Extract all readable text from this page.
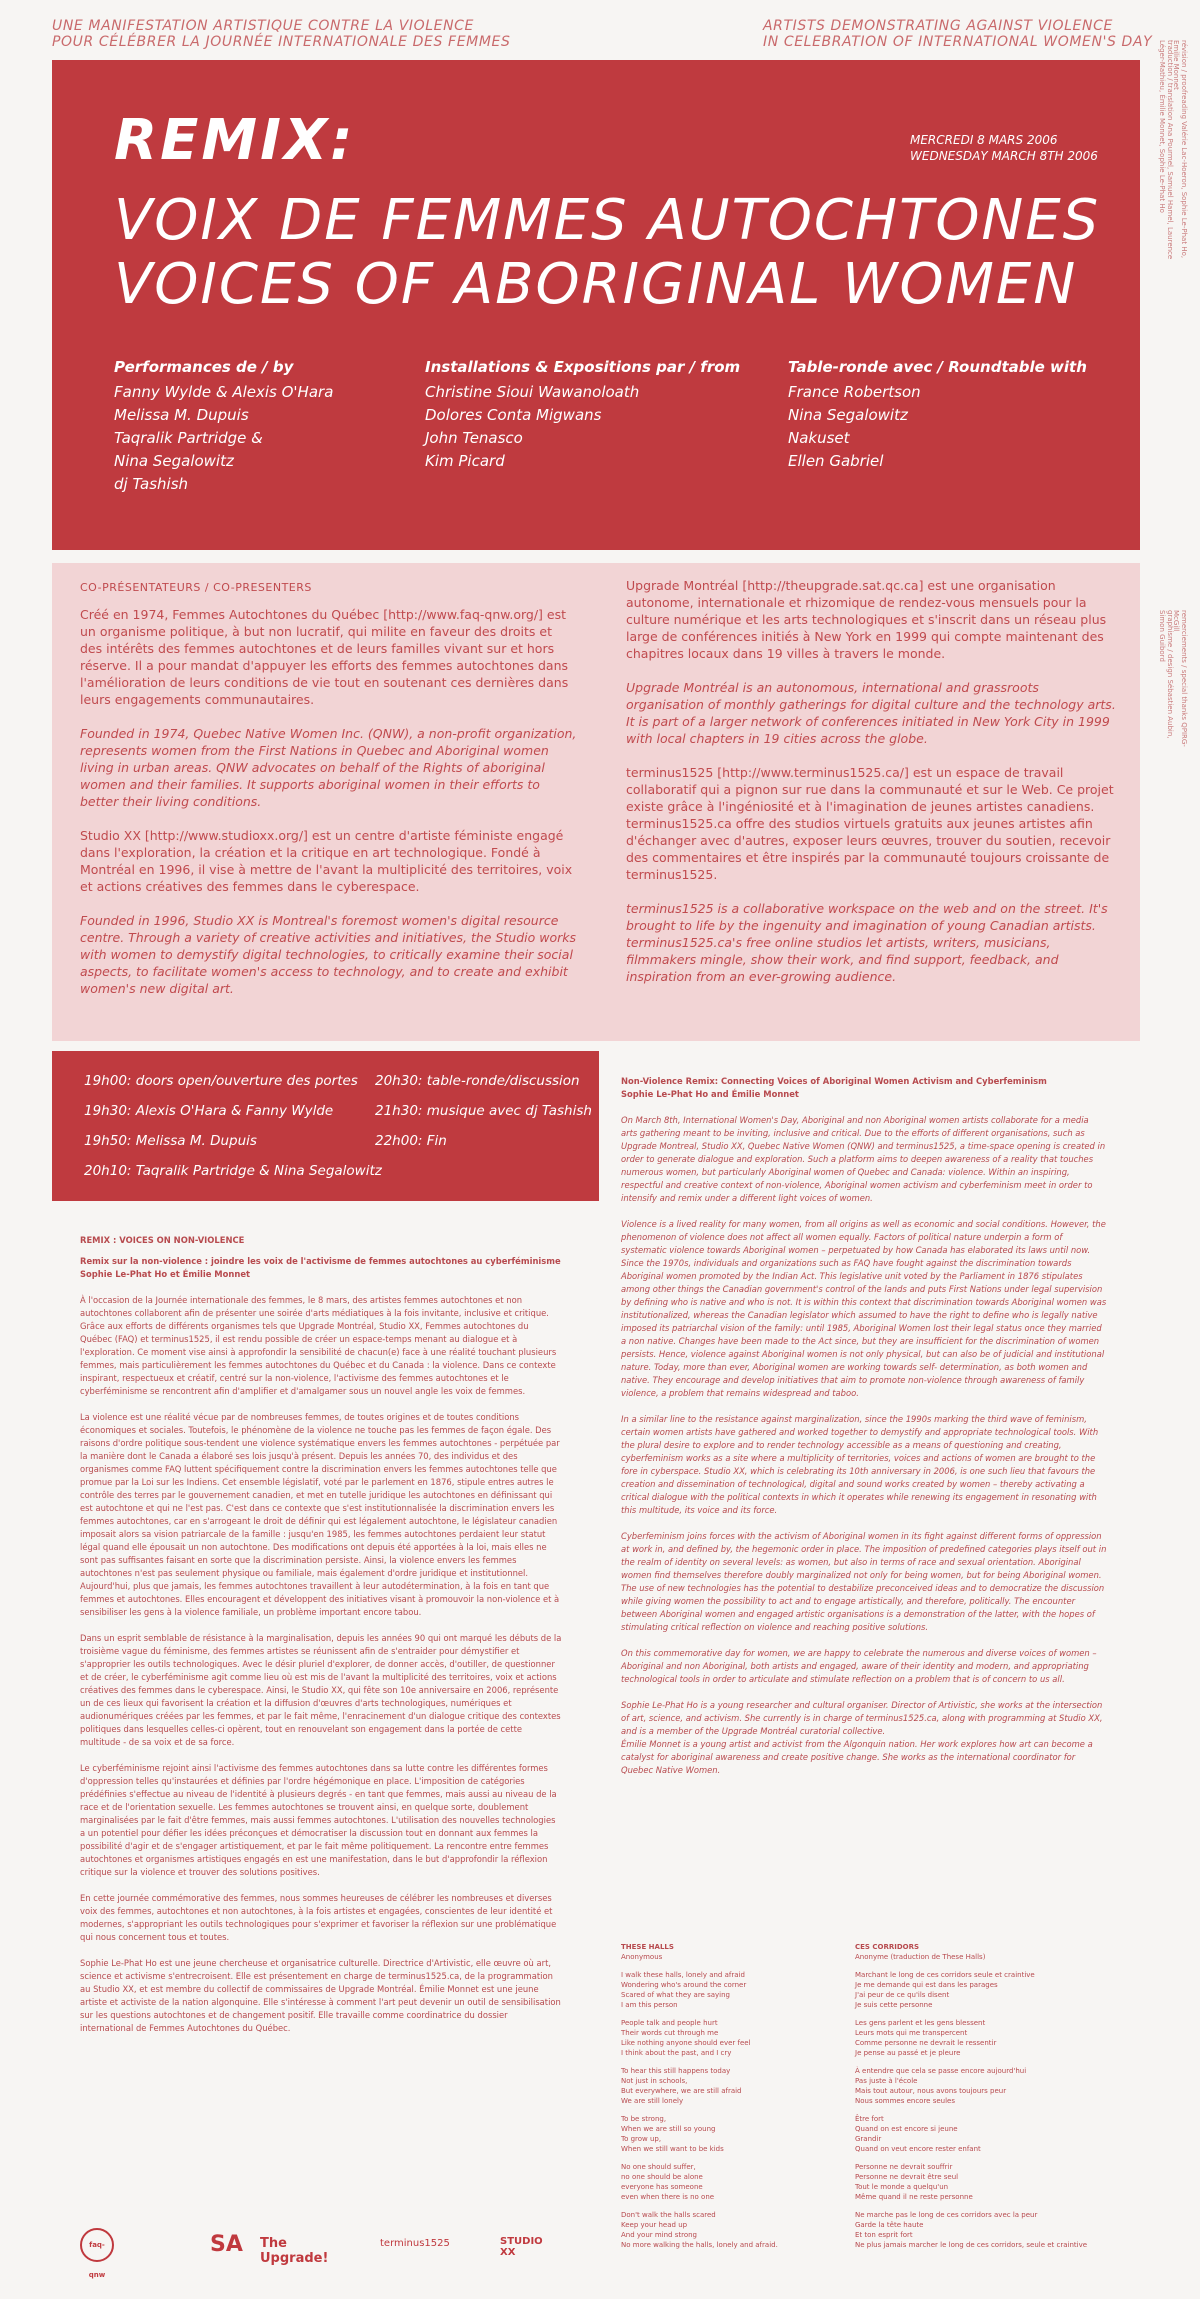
UNE MANIFESTATION ARTISTIQUE CONTRE LA VIOLENCE
POUR CÉLÉBRER LA JOURNÉE INTERNATIONALE DES FEMMES
ARTISTS DEMONSTRATING AGAINST VIOLENCE
IN CELEBRATION OF INTERNATIONAL WOMEN'S DAY
REMIX:	MERCREDI 8 MARS 2006
WEDNESDAY MARCH 8TH 2006
VOIX DE FEMMES AUTOCHTONES
VOICES OF ABORIGINAL WOMEN
Performances de / by
Fanny Wylde & Alexis O'Hara
Melissa M. Dupuis
Taqralik Partridge &
Nina Segalowitz
dj Tashish
Installations & Expositions par / from
Christine Sioui Wawanoloath
Dolores Conta Migwans
John Tenasco
Kim Picard
Table-ronde avec / Roundtable with
France Robertson
Nina Segalowitz
Nakuset
Ellen Gabriel
traduction / translation Ana Pourmel, Samuel Hamel, Laurence Léger-Mathieu, Émilie Monnet, Sophie Le-Phat Ho	révision / proofreading Valérie Lac-Hoeron, Sophie Le-Phat Ho, Emilie Monnet
graphisme / design Sébastien Aubin, Simon Guibord	remerciements / special thanks QPIRG-McGill
CO-PRÉSENTATEURS / CO-PRESENTERS

Créé en 1974, Femmes Autochtones du Québec [http://www.faq-qnw.org/] est un organisme politique, à but non lucratif, qui milite en faveur des droits et des intérêts des femmes autochtones et de leurs familles vivant sur et hors réserve. Il a pour mandat d'appuyer les efforts des femmes autochtones dans l'amélioration de leurs conditions de vie tout en soutenant ces dernières dans leurs engagements communautaires.

Founded in 1974, Quebec Native Women Inc. (QNW), a non-profit organization, represents women from the First Nations in Quebec and Aboriginal women living in urban areas. QNW advocates on behalf of the Rights of aboriginal women and their families. It supports aboriginal women in their efforts to better their living conditions.

Studio XX [http://www.studioxx.org/] est un centre d'artiste féministe engagé dans l'exploration, la création et la critique en art technologique. Fondé à Montréal en 1996, il vise à mettre de l'avant la multiplicité des territoires, voix et actions créatives des femmes dans le cyberespace.

Founded in 1996, Studio XX is Montreal's foremost women's digital resource centre. Through a variety of creative activities and initiatives, the Studio works with women to demystify digital technologies, to critically examine their social aspects, to facilitate women's access to technology, and to create and exhibit women's new digital art.

Upgrade Montréal [http://theupgrade.sat.qc.ca] est une organisation autonome, internationale et rhizomique de rendez-vous mensuels pour la culture numérique et les arts technologiques et s'inscrit dans un réseau plus large de conférences initiés à New York en 1999 qui compte maintenant des chapitres locaux dans 19 villes à travers le monde.

Upgrade Montréal is an autonomous, international and grassroots organisation of monthly gatherings for digital culture and the technology arts. It is part of a larger network of conferences initiated in New York City in 1999 with local chapters in 19 cities across the globe.

terminus1525 [http://www.terminus1525.ca/] est un espace de travail collaboratif qui a pignon sur rue dans la communauté et sur le Web. Ce projet existe grâce à l'ingéniosité et à l'imagination de jeunes artistes canadiens. terminus1525.ca offre des studios virtuels gratuits aux jeunes artistes afin d'échanger avec d'autres, exposer leurs œuvres, trouver du soutien, recevoir des commentaires et être inspirés par la communauté toujours croissante de terminus1525.

terminus1525 is a collaborative workspace on the web and on the street. It's brought to life by the ingenuity and imagination of young Canadian artists. terminus1525.ca's free online studios let artists, writers, musicians, filmmakers mingle, show their work, and find support, feedback, and inspiration from an ever-growing audience.

19h00: doors open/ouverture des portes
19h30: Alexis O'Hara & Fanny Wylde
19h50: Melissa M. Dupuis
20h10: Taqralik Partridge & Nina Segalowitz
20h30: table-ronde/discussion
21h30: musique avec dj Tashish
22h00: Fin

REMIX : VOICES ON NON-VIOLENCE

Remix sur la non-violence : joindre les voix de l'activisme de femmes autochtones au cyberféminisme

Sophie Le-Phat Ho et Émilie Monnet

À l'occasion de la Journée internationale des femmes, le 8 mars, des artistes femmes autochtones et non autochtones collaborent afin de présenter une soirée d'arts médiatiques à la fois invitante, inclusive et critique. Grâce aux efforts de différents organismes tels que Upgrade Montréal, Studio XX, Femmes autochtones du Québec (FAQ) et terminus1525, il est rendu possible de créer un espace-temps menant au dialogue et à l'exploration. Ce moment vise ainsi à approfondir la sensibilité de chacun(e) face à une réalité touchant plusieurs femmes, mais particulièrement les femmes autochtones du Québec et du Canada : la violence. Dans ce contexte inspirant, respectueux et créatif, centré sur la non-violence, l'activisme des femmes autochtones et le cyberféminisme se rencontrent afin d'amplifier et d'amalgamer sous un nouvel angle les voix de femmes.

La violence est une réalité vécue par de nombreuses femmes, de toutes origines et de toutes conditions économiques et sociales. Toutefois, le phénomène de la violence ne touche pas les femmes de façon égale. Des raisons d'ordre politique sous-tendent une violence systématique envers les femmes autochtones - perpétuée par la manière dont le Canada a élaboré ses lois jusqu'à présent. Depuis les années 70, des individus et des organismes comme FAQ luttent spécifiquement contre la discrimination envers les femmes autochtones telle que promue par la Loi sur les Indiens. Cet ensemble législatif, voté par le parlement en 1876, stipule entres autres le contrôle des terres par le gouvernement canadien, et met en tutelle juridique les autochtones en définissant qui est autochtone et qui ne l'est pas. C'est dans ce contexte que s'est institutionnalisée la discrimination envers les femmes autochtones, car en s'arrogeant le droit de définir qui est légalement autochtone, le législateur canadien imposait alors sa vision patriarcale de la famille : jusqu'en 1985, les femmes autochtones perdaient leur statut légal quand elle épousait un non autochtone. Des modifications ont depuis été apportées à la loi, mais elles ne sont pas suffisantes faisant en sorte que la discrimination persiste. Ainsi, la violence envers les femmes autochtones n'est pas seulement physique ou familiale, mais également d'ordre juridique et institutionnel. Aujourd'hui, plus que jamais, les femmes autochtones travaillent à leur autodétermination, à la fois en tant que femmes et autochtones. Elles encouragent et développent des initiatives visant à promouvoir la non-violence et à sensibiliser les gens à la violence familiale, un problème important encore tabou.

Dans un esprit semblable de résistance à la marginalisation, depuis les années 90 qui ont marqué les débuts de la troisième vague du féminisme, des femmes artistes se réunissent afin de s'entraider pour démystifier et s'approprier les outils technologiques. Avec le désir pluriel d'explorer, de donner accès, d'outiller, de questionner et de créer, le cyberféminisme agit comme lieu où est mis de l'avant la multiplicité des territoires, voix et actions créatives des femmes dans le cyberespace. Ainsi, le Studio XX, qui fête son 10e anniversaire en 2006, représente un de ces lieux qui favorisent la création et la diffusion d'œuvres d'arts technologiques, numériques et audionumériques créées par les femmes, et par le fait même, l'enracinement d'un dialogue critique des contextes politiques dans lesquelles celles-ci opèrent, tout en renouvelant son engagement dans la portée de cette multitude - de sa voix et de sa force.

Le cyberféminisme rejoint ainsi l'activisme des femmes autochtones dans sa lutte contre les différentes formes d'oppression telles qu'instaurées et définies par l'ordre hégémonique en place. L'imposition de catégories prédéfinies s'effectue au niveau de l'identité à plusieurs degrés - en tant que femmes, mais aussi au niveau de la race et de l'orientation sexuelle. Les femmes autochtones se trouvent ainsi, en quelque sorte, doublement marginalisées par le fait d'être femmes, mais aussi femmes autochtones. L'utilisation des nouvelles technologies a un potentiel pour défier les idées préconçues et démocratiser la discussion tout en donnant aux femmes la possibilité d'agir et de s'engager artistiquement, et par le fait même politiquement. La rencontre entre femmes autochtones et organismes artistiques engagés en est une manifestation, dans le but d'approfondir la réflexion critique sur la violence et trouver des solutions positives.

En cette journée commémorative des femmes, nous sommes heureuses de célébrer les nombreuses et diverses voix des femmes, autochtones et non autochtones, à la fois artistes et engagées, conscientes de leur identité et modernes, s'appropriant les outils technologiques pour s'exprimer et favoriser la réflexion sur une problématique qui nous concernent tous et toutes.

Sophie Le-Phat Ho est une jeune chercheuse et organisatrice culturelle. Directrice d'Artivistic, elle œuvre où art, science et activisme s'entrecroisent. Elle est présentement en charge de terminus1525.ca, de la programmation au Studio XX, et est membre du collectif de commissaires de Upgrade Montréal. Émilie Monnet est une jeune artiste et activiste de la nation algonquine. Elle s'intéresse à comment l'art peut devenir un outil de sensibilisation sur les questions autochtones et de changement positif. Elle travaille comme coordinatrice du dossier international de Femmes Autochtones du Québec.

Non-Violence Remix: Connecting Voices of Aboriginal Women Activism and Cyberfeminism

Sophie Le-Phat Ho and Émilie Monnet

On March 8th, International Women's Day, Aboriginal and non Aboriginal women artists collaborate for a media arts gathering meant to be inviting, inclusive and critical. Due to the efforts of different organisations, such as Upgrade Montreal, Studio XX, Quebec Native Women (QNW) and terminus1525, a time-space opening is created in order to generate dialogue and exploration. Such a platform aims to deepen awareness of a reality that touches numerous women, but particularly Aboriginal women of Quebec and Canada: violence. Within an inspiring, respectful and creative context of non-violence, Aboriginal women activism and cyberfeminism meet in order to intensify and remix under a different light voices of women.

Violence is a lived reality for many women, from all origins as well as economic and social conditions. However, the phenomenon of violence does not affect all women equally. Factors of political nature underpin a form of systematic violence towards Aboriginal women – perpetuated by how Canada has elaborated its laws until now. Since the 1970s, individuals and organizations such as FAQ have fought against the discrimination towards Aboriginal women promoted by the Indian Act. This legislative unit voted by the Parliament in 1876 stipulates among other things the Canadian government's control of the lands and puts First Nations under legal supervision by defining who is native and who is not. It is within this context that discrimination towards Aboriginal women was institutionalized, whereas the Canadian legislator which assumed to have the right to define who is legally native imposed its patriarchal vision of the family: until 1985, Aboriginal Women lost their legal status once they married a non native. Changes have been made to the Act since, but they are insufficient for the discrimination of women persists. Hence, violence against Aboriginal women is not only physical, but can also be of judicial and institutional nature. Today, more than ever, Aboriginal women are working towards self- determination, as both women and native. They encourage and develop initiatives that aim to promote non-violence through awareness of family violence, a problem that remains widespread and taboo.

In a similar line to the resistance against marginalization, since the 1990s marking the third wave of feminism, certain women artists have gathered and worked together to demystify and appropriate technological tools. With the plural desire to explore and to render technology accessible as a means of questioning and creating, cyberfeminism works as a site where a multiplicity of territories, voices and actions of women are brought to the fore in cyberspace. Studio XX, which is celebrating its 10th anniversary in 2006, is one such lieu that favours the creation and dissemination of technological, digital and sound works created by women – thereby activating a critical dialogue with the political contexts in which it operates while renewing its engagement in resonating with this multitude, its voice and its force.

Cyberfeminism joins forces with the activism of Aboriginal women in its fight against different forms of oppression at work in, and defined by, the hegemonic order in place. The imposition of predefined categories plays itself out in the realm of identity on several levels: as women, but also in terms of race and sexual orientation. Aboriginal women find themselves therefore doubly marginalized not only for being women, but for being Aboriginal women. The use of new technologies has the potential to destabilize preconceived ideas and to democratize the discussion while giving women the possibility to act and to engage artistically, and therefore, politically. The encounter between Aboriginal women and engaged artistic organisations is a demonstration of the latter, with the hopes of stimulating critical reflection on violence and reaching positive solutions.

On this commemorative day for women, we are happy to celebrate the numerous and diverse voices of women – Aboriginal and non Aboriginal, both artists and engaged, aware of their identity and modern, and appropriating technological tools in order to articulate and stimulate reflection on a problem that is of concern to us all.

Sophie Le-Phat Ho is a young researcher and cultural organiser. Director of Artivistic, she works at the intersection of art, science, and activism. She currently is in charge of terminus1525.ca, along with programming at Studio XX, and is a member of the Upgrade Montréal curatorial collective.

Émilie Monnet is a young artist and activist from the Algonquin nation. Her work explores how art can become a catalyst for aboriginal awareness and create positive change. She works as the international coordinator for Quebec Native Women.

THESE HALLS

Anonymous

I walk these halls, lonely and afraid
Wondering who's around the corner
Scared of what they are saying
I am this person

People talk and people hurt
Their words cut through me
Like nothing anyone should ever feel
I think about the past, and I cry

To hear this still happens today
Not just in schools,
But everywhere, we are still afraid
We are still lonely

To be strong,
When we are still so young
To grow up,
When we still want to be kids

No one should suffer,
no one should be alone
everyone has someone
even when there is no one

Don't walk the halls scared
Keep your head up
And your mind strong
No more walking the halls, lonely and afraid.

CES CORRIDORS

Anonyme (traduction de These Halls)

Marchant le long de ces corridors seule et craintive
Je me demande qui est dans les parages
J'ai peur de ce qu'ils disent
Je suis cette personne

Les gens parlent et les gens blessent
Leurs mots qui me transpercent
Comme personne ne devrait le ressentir
Je pense au passé et je pleure

À entendre que cela se passe encore aujourd'hui
Pas juste à l'école
Mais tout autour, nous avons toujours peur
Nous sommes encore seules

Être fort
Quand on est encore si jeune
Grandir
Quand on veut encore rester enfant

Personne ne devrait souffrir
Personne ne devrait être seul
Tout le monde a quelqu'un
Même quand il ne reste personne

Ne marche pas le long de ces corridors avec la peur
Garde la tête haute
Et ton esprit fort
Ne plus jamais marcher le long de ces corridors, seule et craintive

faq-qnw
SA The Upgrade!
terminus1525	STUDIO XX
